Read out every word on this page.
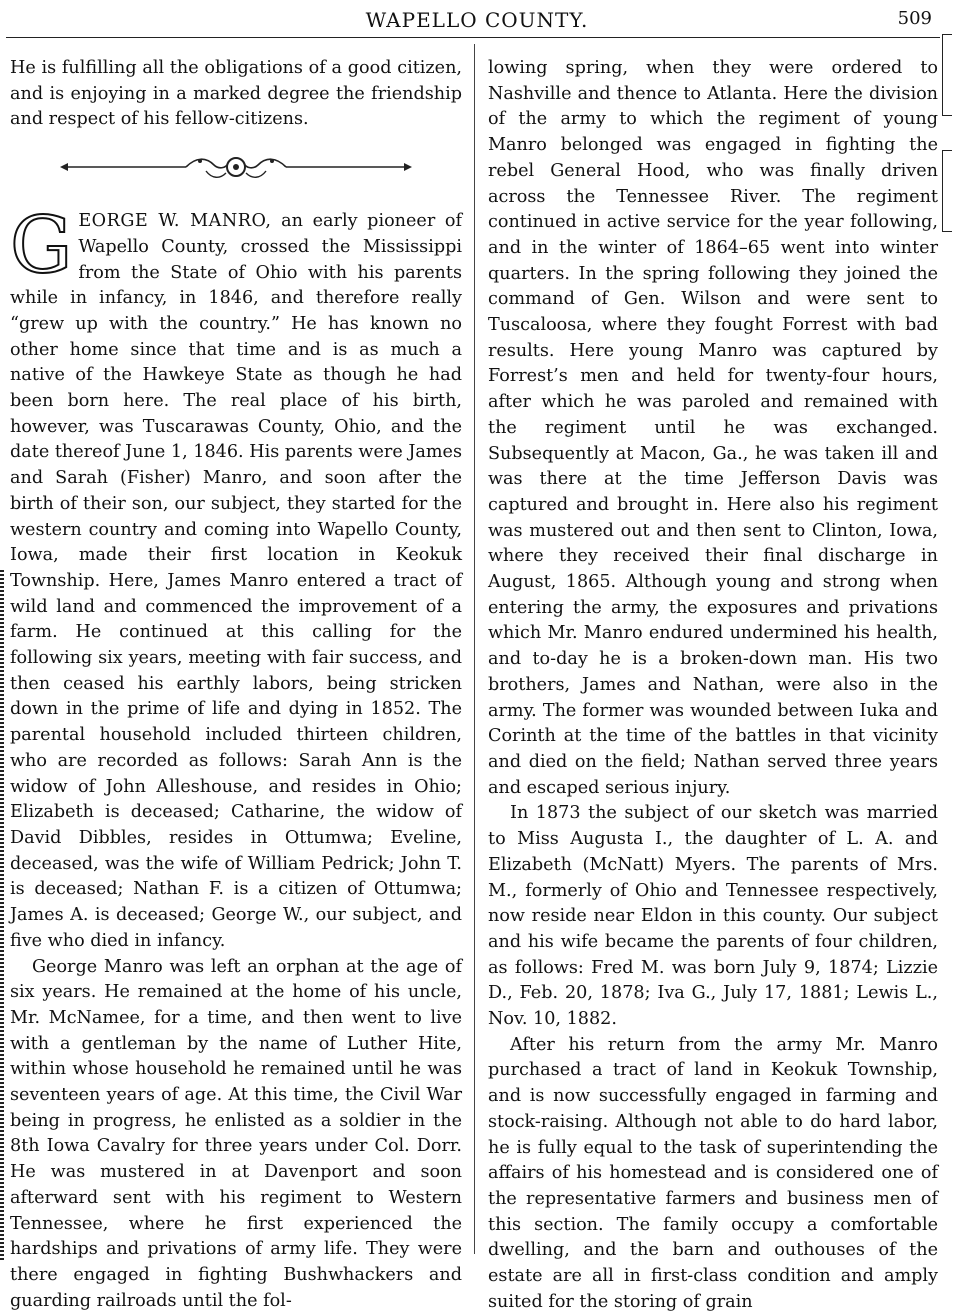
WAPELLO COUNTY.	509

He is fulfilling all the obligations of a good citizen, and is enjoying in a marked degree the friendship and respect of his fellow-citizens.

GEORGE W. MANRO, an early pioneer of Wapello County, crossed the Mississippi from the State of Ohio with his parents while in infancy, in 1846, and therefore really “grew up with the country.” He has known no other home since that time and is as much a native of the Hawkeye State as though he had been born here. The real place of his birth, however, was Tuscarawas County, Ohio, and the date thereof June 1, 1846. His parents were James and Sarah (Fisher) Manro, and soon after the birth of their son, our subject, they started for the western country and coming into Wapello County, Iowa, made their first location in Keokuk Township. Here, James Manro entered a tract of wild land and commenced the improvement of a farm. He continued at this calling for the following six years, meeting with fair success, and then ceased his earthly labors, being stricken down in the prime of life and dying in 1852. The parental household included thirteen children, who are recorded as follows: Sarah Ann is the widow of John Alleshouse, and resides in Ohio; Elizabeth is deceased; Catharine, the widow of David Dibbles, resides in Ottumwa; Eveline, deceased, was the wife of William Pedrick; John T. is deceased; Nathan F. is a citizen of Ottumwa; James A. is deceased; George W., our subject, and five who died in infancy.

George Manro was left an orphan at the age of six years. He remained at the home of his uncle, Mr. McNamee, for a time, and then went to live with a gentleman by the name of Luther Hite, within whose household he remained until he was seventeen years of age. At this time, the Civil War being in progress, he enlisted as a soldier in the 8th Iowa Cavalry for three years under Col. Dorr. He was mustered in at Davenport and soon afterward sent with his regiment to Western Tennessee, where he first experienced the hardships and privations of army life. They were there engaged in fighting Bushwhackers and guarding railroads until the fol-

lowing spring, when they were ordered to Nashville and thence to Atlanta. Here the division of the army to which the regiment of young Manro belonged was engaged in fighting the rebel General Hood, who was finally driven across the Tennessee River. The regiment continued in active service for the year following, and in the winter of 1864–65 went into winter quarters. In the spring following they joined the command of Gen. Wilson and were sent to Tuscaloosa, where they fought Forrest with bad results. Here young Manro was captured by Forrest’s men and held for twenty-four hours, after which he was paroled and remained with the regiment until he was exchanged. Subsequently at Macon, Ga., he was taken ill and was there at the time Jefferson Davis was captured and brought in. Here also his regiment was mustered out and then sent to Clinton, Iowa, where they received their final discharge in August, 1865. Although young and strong when entering the army, the exposures and privations which Mr. Manro endured undermined his health, and to-day he is a broken-down man. His two brothers, James and Nathan, were also in the army. The former was wounded between Iuka and Corinth at the time of the battles in that vicinity and died on the field; Nathan served three years and escaped serious injury.

In 1873 the subject of our sketch was married to Miss Augusta I., the daughter of L. A. and Elizabeth (McNatt) Myers. The parents of Mrs. M., formerly of Ohio and Tennessee respectively, now reside near Eldon in this county. Our subject and his wife became the parents of four children, as follows: Fred M. was born July 9, 1874; Lizzie D., Feb. 20, 1878; Iva G., July 17, 1881; Lewis L., Nov. 10, 1882.

After his return from the army Mr. Manro purchased a tract of land in Keokuk Township, and is now successfully engaged in farming and stock-raising. Although not able to do hard labor, he is fully equal to the task of superintending the affairs of his homestead and is considered one of the representative farmers and business men of this section. The family occupy a comfortable dwelling, and the barn and outhouses of the estate are all in first-class condition and amply suited for the storing of grain
